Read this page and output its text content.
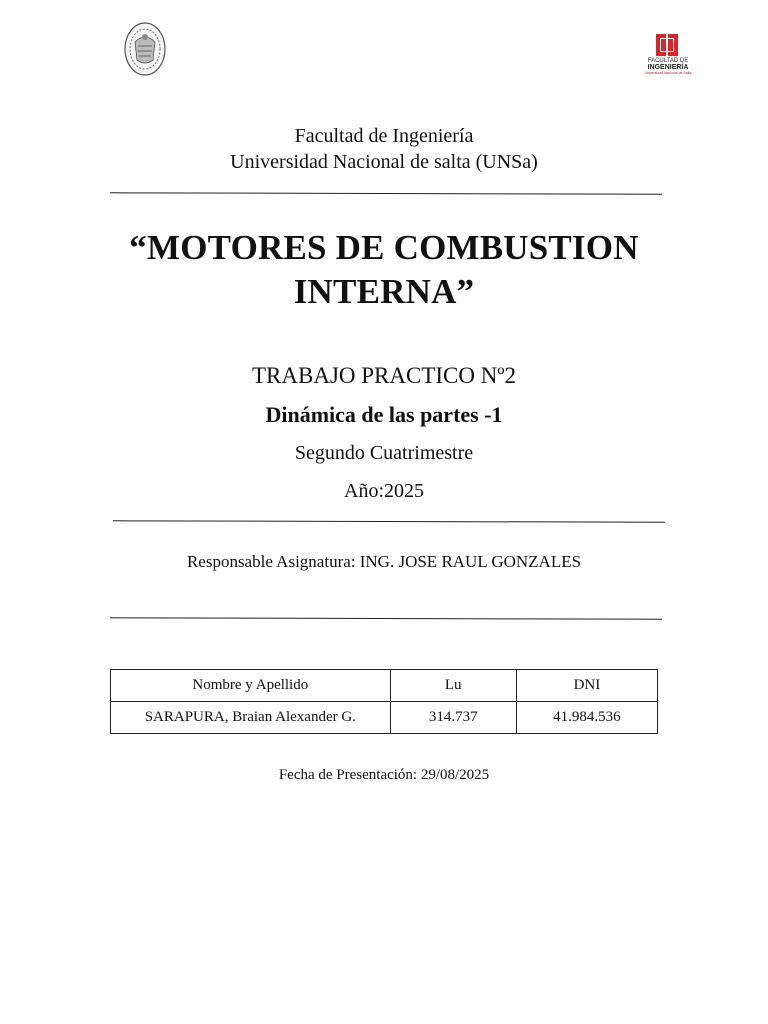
FACULTAD DE
INGENIERÍA
Universidad Nacional de Salta
Facultad de Ingeniería
Universidad Nacional de salta (UNSa)
“MOTORES DE COMBUSTION
INTERNA”
TRABAJO PRACTICO Nº2
Dinámica de las partes -1
Segundo Cuatrimestre
Año:2025
Responsable Asignatura: ING. JOSE RAUL GONZALES
Nombre y Apellido	Lu	DNI
SARAPURA, Braian Alexander G.	314.737	41.984.536
Fecha de Presentación: 29/08/2025
